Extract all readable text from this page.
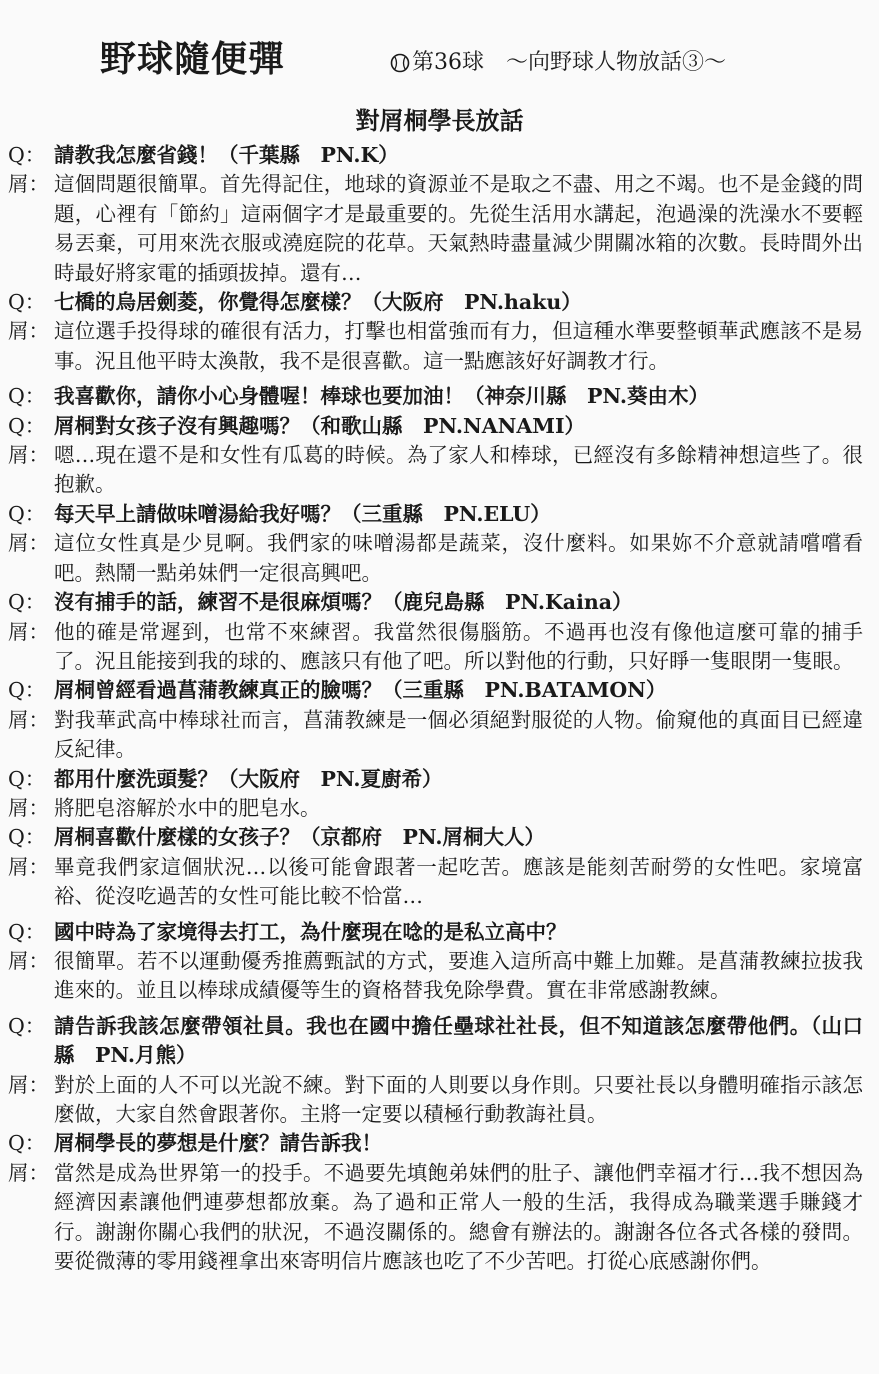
野球隨便彈	第36球　～向野球人物放話③～
對屑桐學長放話
Q： 請教我怎麼省錢！（千葉縣　PN.K）
屑： 這個問題很簡單。首先得記住，地球的資源並不是取之不盡、用之不竭。也不是金錢的問題，心裡有「節約」這兩個字才是最重要的。先從生活用水講起，泡過澡的洗澡水不要輕易丟棄，可用來洗衣服或澆庭院的花草。天氣熱時盡量減少開關冰箱的次數。長時間外出時最好將家電的插頭拔掉。還有…
Q： 七橋的烏居劍菱，你覺得怎麼樣？（大阪府　PN.haku）
屑： 這位選手投得球的確很有活力，打擊也相當強而有力，但這種水準要整頓華武應該不是易事。況且他平時太渙散，我不是很喜歡。這一點應該好好調教才行。
Q： 我喜歡你，請你小心身體喔！棒球也要加油！（神奈川縣　PN.葵由木）
Q： 屑桐對女孩子沒有興趣嗎？（和歌山縣　PN.NANAMI）
屑： 嗯…現在還不是和女性有瓜葛的時候。為了家人和棒球，已經沒有多餘精神想這些了。很抱歉。
Q： 每天早上請做味噌湯給我好嗎？（三重縣　PN.ELU）
屑： 這位女性真是少見啊。我們家的味噌湯都是蔬菜，沒什麼料。如果妳不介意就請嚐嚐看吧。熱鬧一點弟妹們一定很高興吧。
Q： 沒有捕手的話，練習不是很麻煩嗎？（鹿兒島縣　PN.Kaina）
屑： 他的確是常遲到，也常不來練習。我當然很傷腦筋。不過再也沒有像他這麼可靠的捕手了。況且能接到我的球的、應該只有他了吧。所以對他的行動，只好睜一隻眼閉一隻眼。
Q： 屑桐曾經看過菖蒲教練真正的臉嗎？（三重縣　PN.BATAMON）
屑： 對我華武高中棒球社而言，菖蒲教練是一個必須絕對服從的人物。偷窺他的真面目已經違反紀律。
Q： 都用什麼洗頭髮？（大阪府　PN.夏廚希）
屑： 將肥皂溶解於水中的肥皂水。
Q： 屑桐喜歡什麼樣的女孩子？（京都府　PN.屑桐大人）
屑： 畢竟我們家這個狀況…以後可能會跟著一起吃苦。應該是能刻苦耐勞的女性吧。家境富裕、從沒吃過苦的女性可能比較不恰當…
Q： 國中時為了家境得去打工，為什麼現在唸的是私立高中？
屑： 很簡單。若不以運動優秀推薦甄試的方式，要進入這所高中難上加難。是菖蒲教練拉拔我進來的。並且以棒球成績優等生的資格替我免除學費。實在非常感謝教練。
Q： 請告訴我該怎麼帶領社員。我也在國中擔任壘球社社長，但不知道該怎麼帶他們。（山口縣　PN.月熊）
屑： 對於上面的人不可以光說不練。對下面的人則要以身作則。只要社長以身體明確指示該怎麼做，大家自然會跟著你。主將一定要以積極行動教誨社員。
Q： 屑桐學長的夢想是什麼？請告訴我！
屑： 當然是成為世界第一的投手。不過要先填飽弟妹們的肚子、讓他們幸福才行…我不想因為經濟因素讓他們連夢想都放棄。為了過和正常人一般的生活，我得成為職業選手賺錢才行。謝謝你關心我們的狀況，不過沒關係的。總會有辦法的。謝謝各位各式各樣的發問。要從微薄的零用錢裡拿出來寄明信片應該也吃了不少苦吧。打從心底感謝你們。
